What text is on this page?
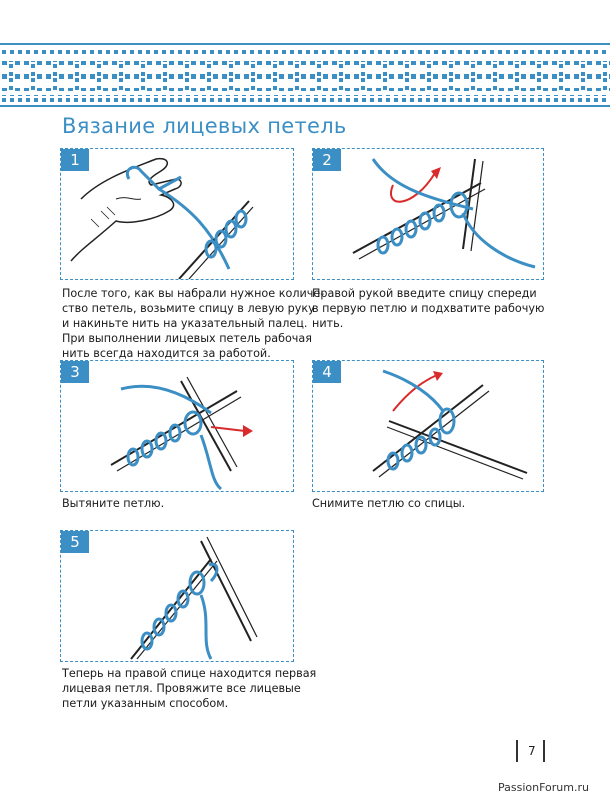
Вязание лицевых петель
1
После того, как вы набрали нужное количе-
ство петель, возьмите спицу в левую руку
и накиньте нить на указательный палец.
При выполнении лицевых петель рабочая
нить всегда находится за работой.
2
Правой рукой введите спицу спереди
в первую петлю и подхватите рабочую
нить.
3
Вытяните петлю.
4
Снимите петлю со спицы.
5
Теперь на правой спице находится первая
лицевая петля. Провяжите все лицевые
петли указанным способом.
7
PassionForum.ru
